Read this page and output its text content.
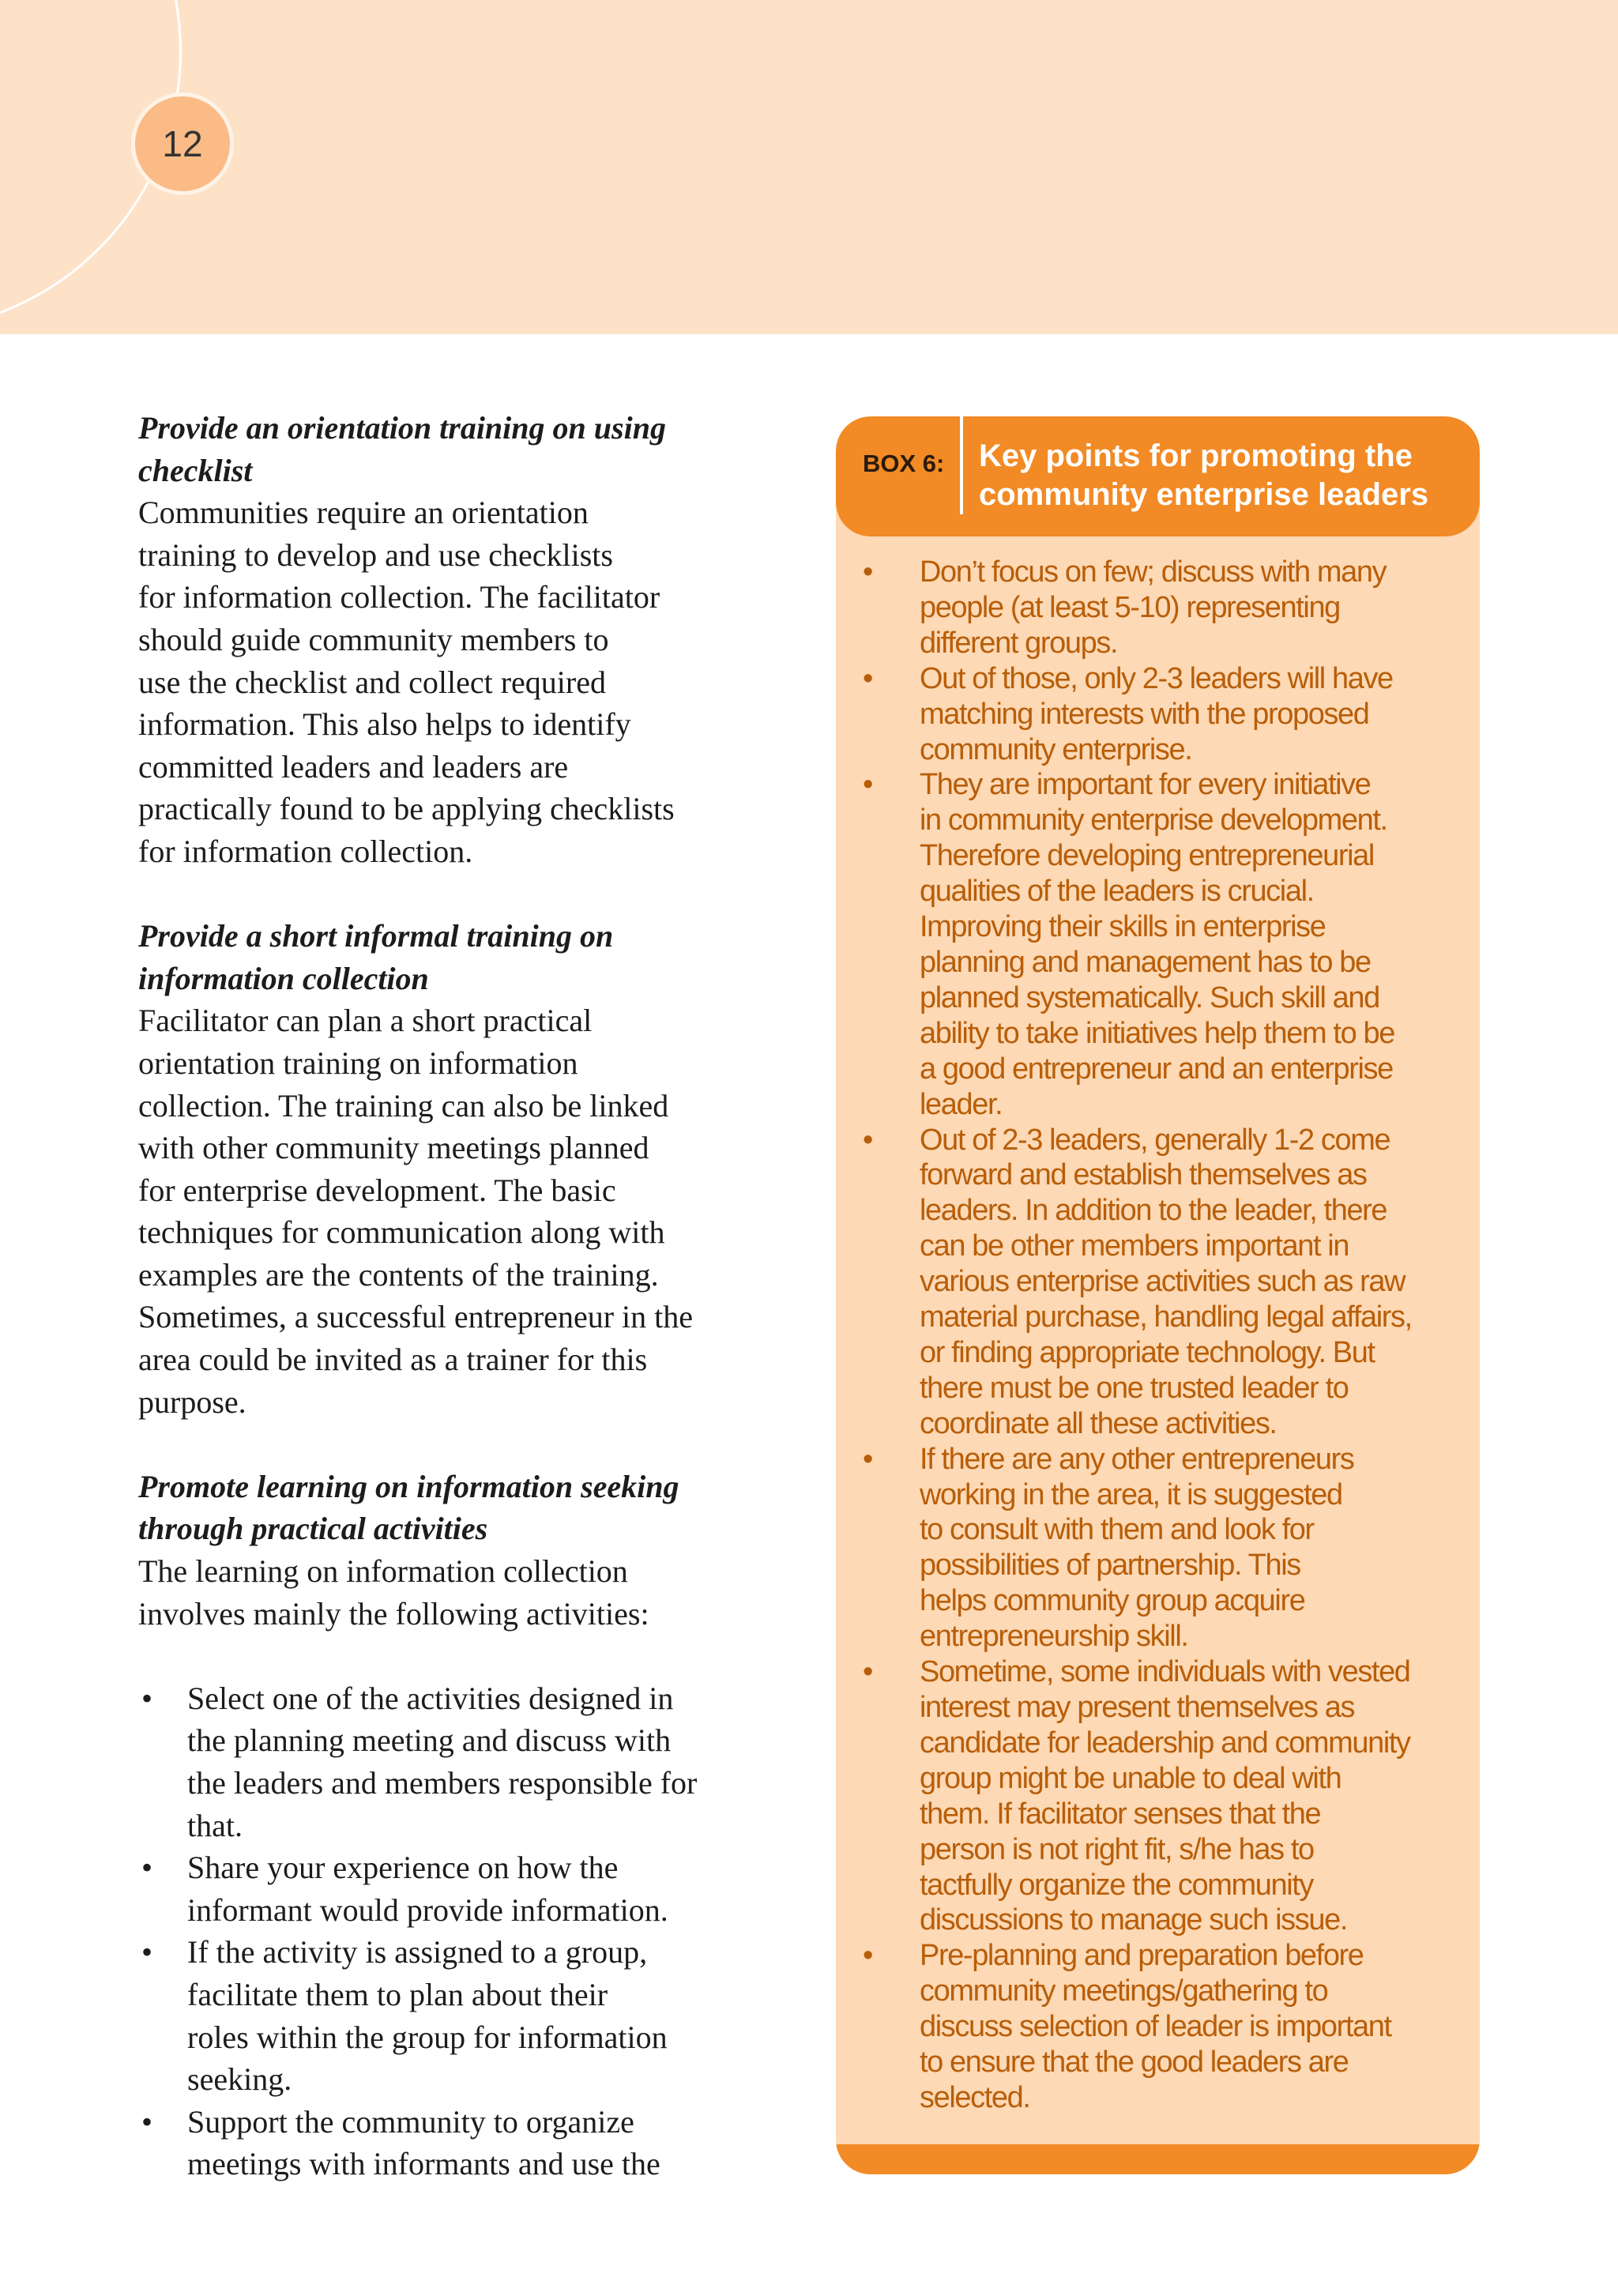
12
Provide an orientation training on using
checklist
Communities require an orientation
training to develop and use checklists
for information collection. The facilitator
should guide community members to
use the checklist and collect required
information. This also helps to identify
committed leaders and leaders are
practically found to be applying checklists
for information collection.
Provide a short informal training on
information collection
Facilitator can plan a short practical
orientation training on information
collection. The training can also be linked
with other community meetings planned
for enterprise development. The basic
techniques for communication along with
examples are the contents of the training.
Sometimes, a successful entrepreneur in the
area could be invited as a trainer for this
purpose.
Promote learning on information seeking
through practical activities
The learning on information collection
involves mainly the following activities:
• Select one of the activities designed in
the planning meeting and discuss with
the leaders and members responsible for
that.
• Share your experience on how the
informant would provide information.
• If the activity is assigned to a group,
facilitate them to plan about their
roles within the group for information
seeking.
• Support the community to organize
meetings with informants and use the
BOX 6: Key points for promoting the
community enterprise leaders
• Don’t focus on few; discuss with many
people (at least 5-10) representing
different groups.
• Out of those, only 2-3 leaders will have
matching interests with the proposed
community enterprise.
• They are important for every initiative
in community enterprise development.
Therefore developing entrepreneurial
qualities of the leaders is crucial.
Improving their skills in enterprise
planning and management has to be
planned systematically. Such skill and
ability to take initiatives help them to be
a good entrepreneur and an enterprise
leader.
• Out of 2-3 leaders, generally 1-2 come
forward and establish themselves as
leaders. In addition to the leader, there
can be other members important in
various enterprise activities such as raw
material purchase, handling legal affairs,
or finding appropriate technology. But
there must be one trusted leader to
coordinate all these activities.
• If there are any other entrepreneurs
working in the area, it is suggested
to consult with them and look for
possibilities of partnership. This
helps community group acquire
entrepreneurship skill.
• Sometime, some individuals with vested
interest may present themselves as
candidate for leadership and community
group might be unable to deal with
them. If facilitator senses that the
person is not right fit, s/he has to
tactfully organize the community
discussions to manage such issue.
• Pre-planning and preparation before
community meetings/gathering to
discuss selection of leader is important
to ensure that the good leaders are
selected.
